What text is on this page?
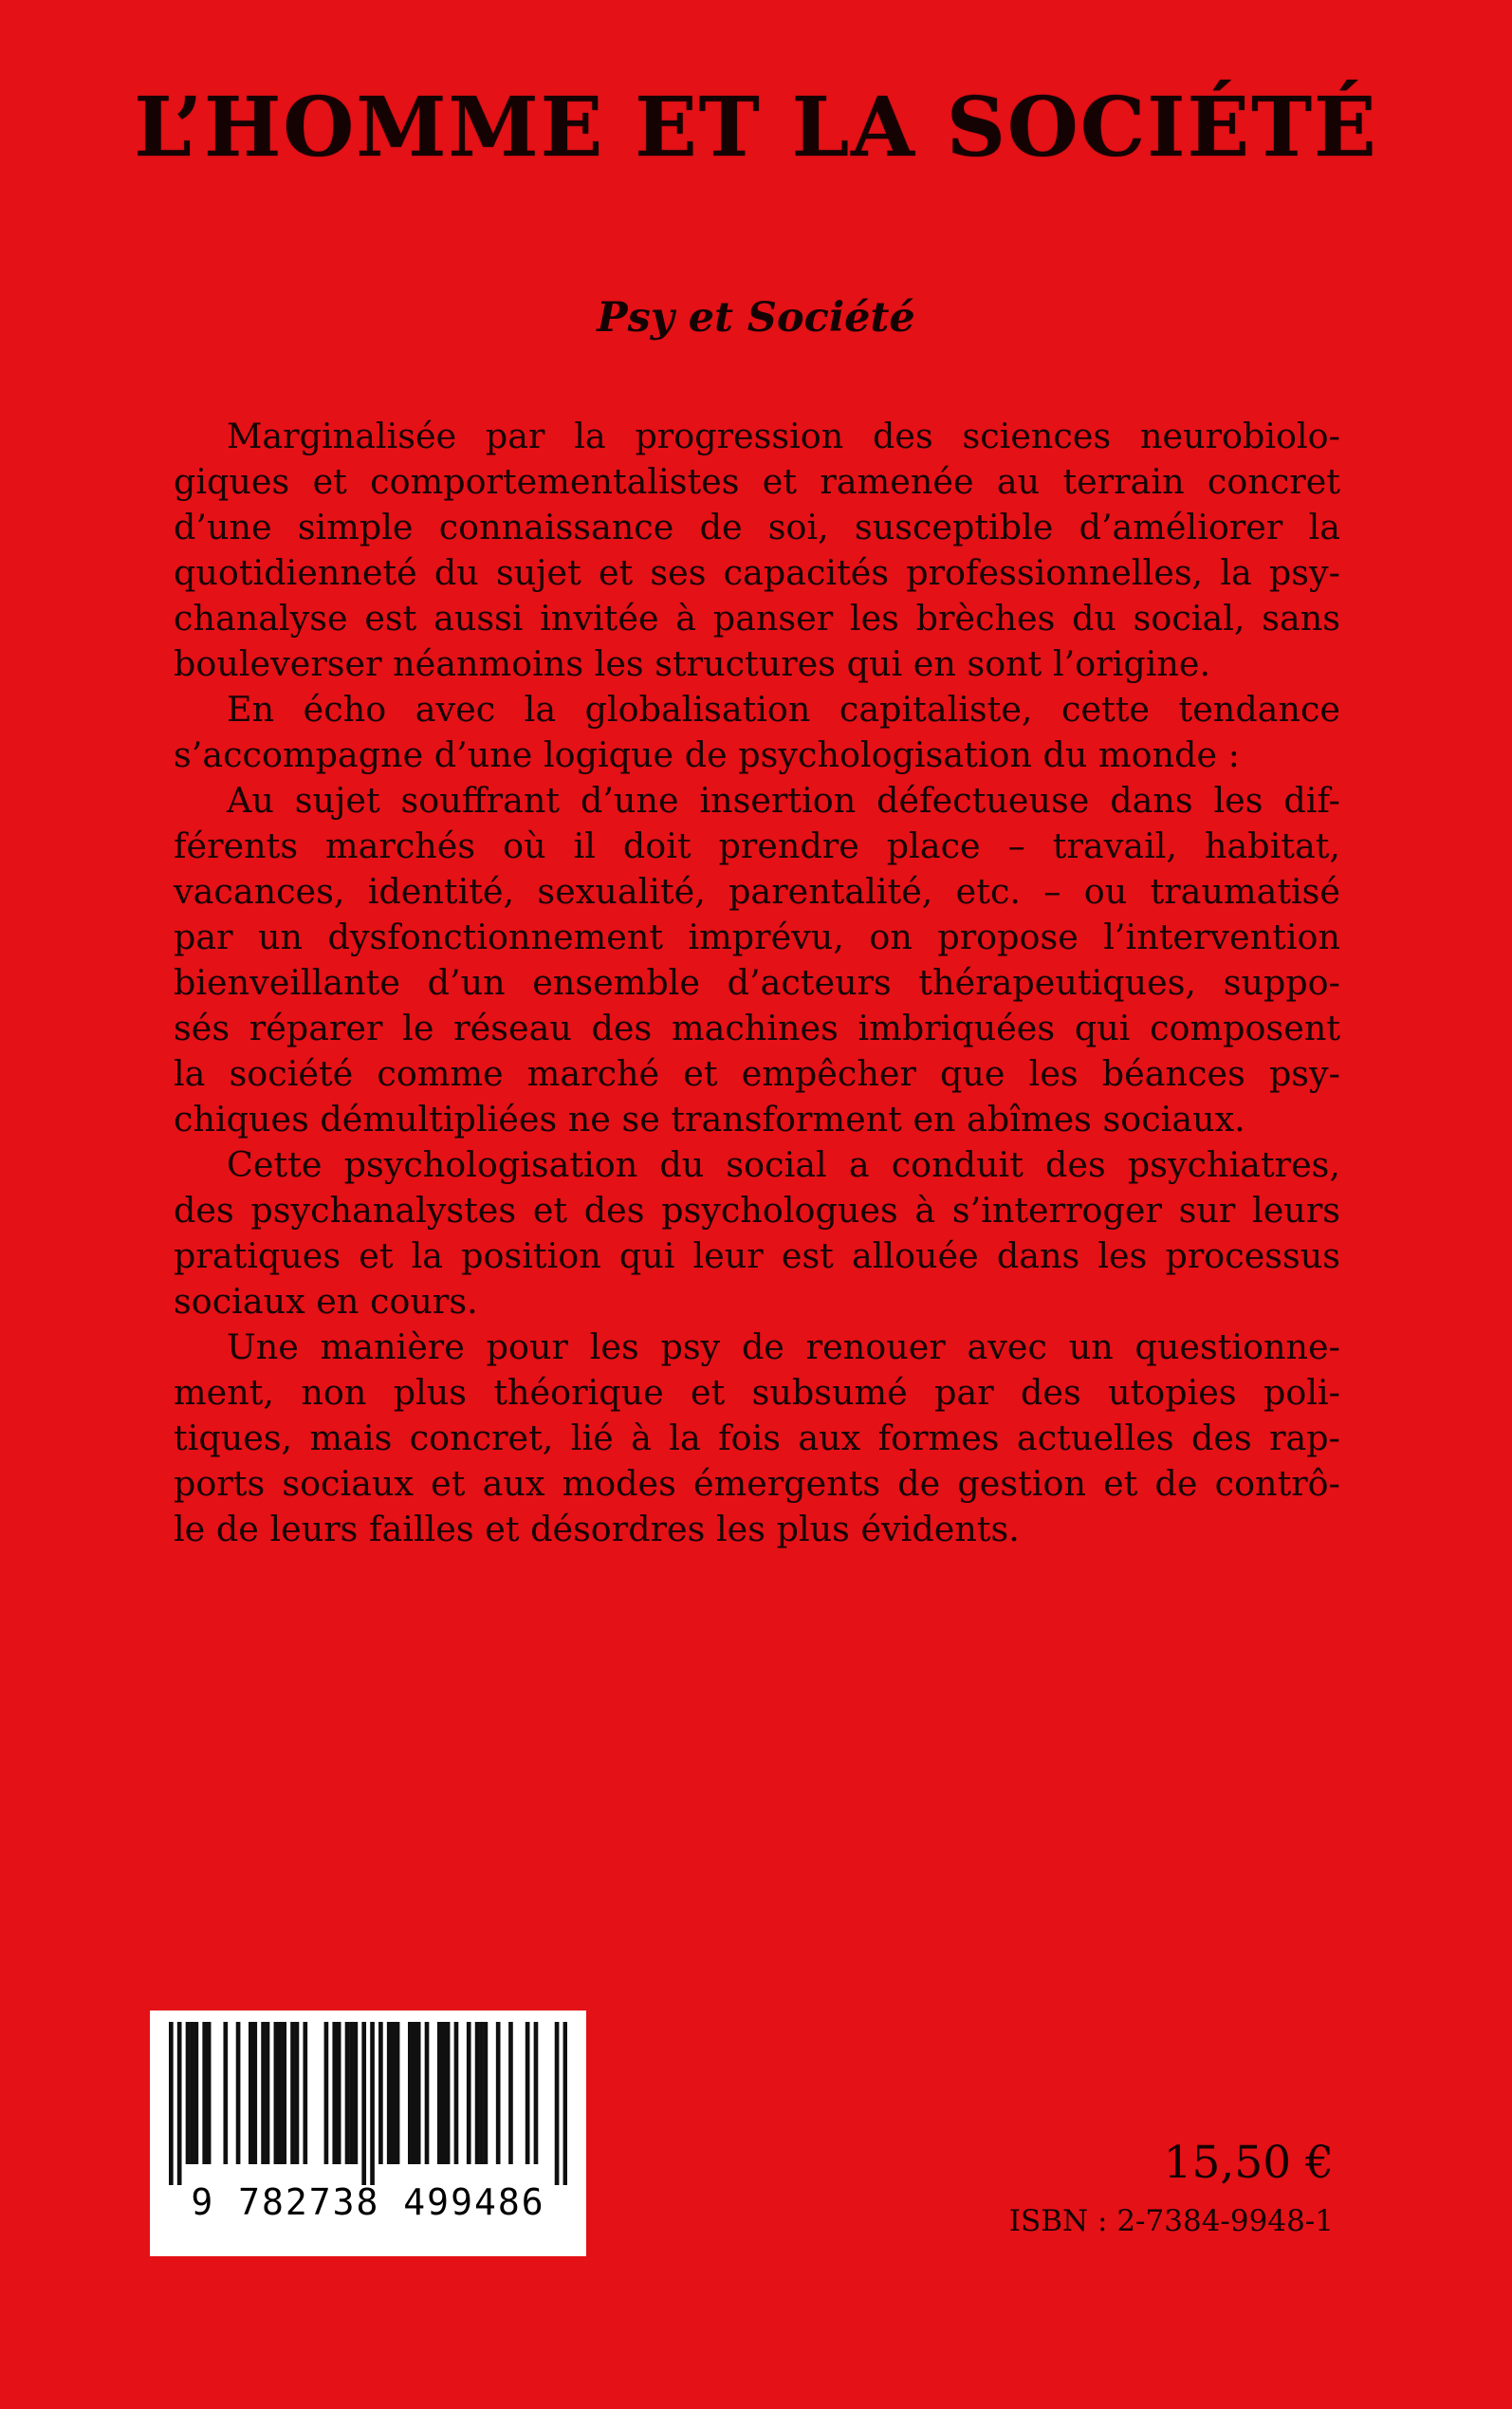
L’HOMME ET LA SOCIÉTÉ
Psy et Société
Marginalisée par la progression des sciences neurobiolo-
giques et comportementalistes et ramenée au terrain concret
d’une simple connaissance de soi, susceptible d’améliorer la
quotidienneté du sujet et ses capacités professionnelles, la psy-
chanalyse est aussi invitée à panser les brèches du social, sans
bouleverser néanmoins les structures qui en sont l’origine.
En écho avec la globalisation capitaliste, cette tendance
s’accompagne d’une logique de psychologisation du monde :
Au sujet souffrant d’une insertion défectueuse dans les dif-
férents marchés où il doit prendre place – travail, habitat,
vacances, identité, sexualité, parentalité, etc. – ou traumatisé
par un dysfonctionnement imprévu, on propose l’intervention
bienveillante d’un ensemble d’acteurs thérapeutiques, suppo-
sés réparer le réseau des machines imbriquées qui composent
la société comme marché et empêcher que les béances psy-
chiques démultipliées ne se transforment en abîmes sociaux.
Cette psychologisation du social a conduit des psychiatres,
des psychanalystes et des psychologues à s’interroger sur leurs
pratiques et la position qui leur est allouée dans les processus
sociaux en cours.
Une manière pour les psy de renouer avec un questionne-
ment, non plus théorique et subsumé par des utopies poli-
tiques, mais concret, lié à la fois aux formes actuelles des rap-
ports sociaux et aux modes émergents de gestion et de contrô-
le de leurs failles et désordres les plus évidents.
9 782738 499486
15,50 €
ISBN : 2-7384-9948-1
